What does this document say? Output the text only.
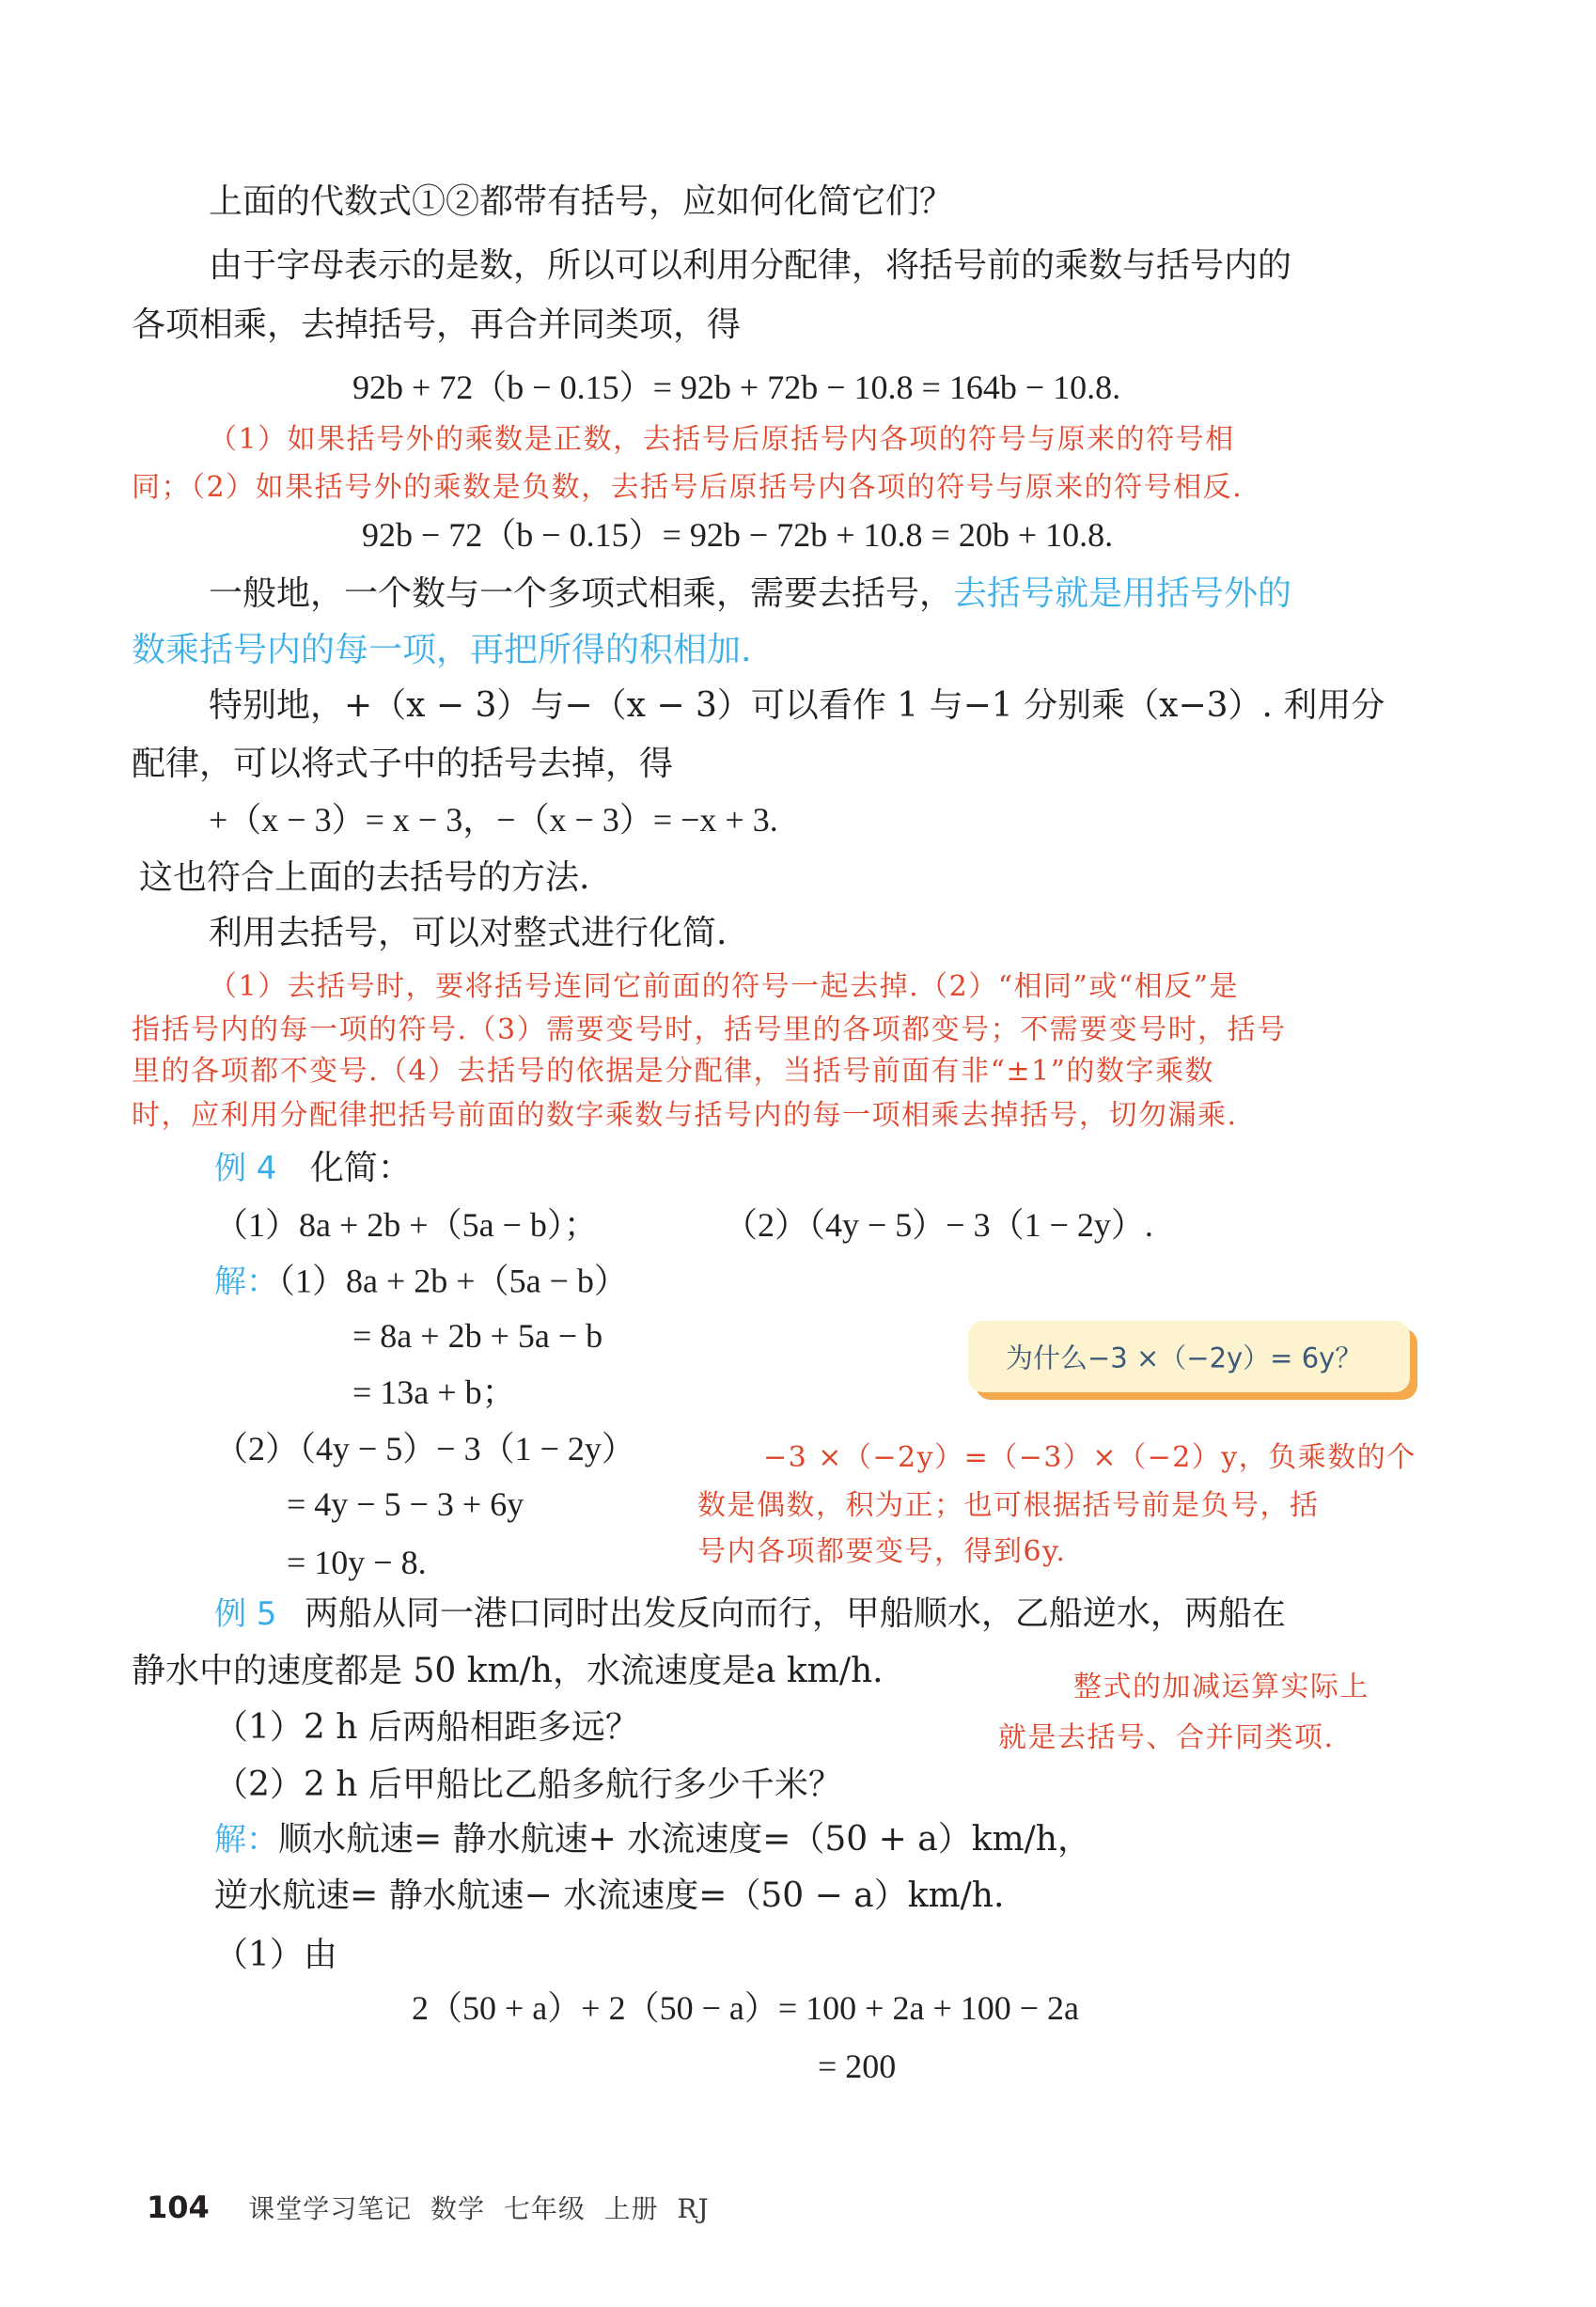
上面的代数式①②都带有括号，应如何化简它们？
由于字母表示的是数，所以可以利用分配律，将括号前的乘数与括号内的
各项相乘，去掉括号，再合并同类项，得
92b + 72（b − 0.15）= 92b + 72b − 10.8 = 164b − 10.8.
（1）如果括号外的乘数是正数，去括号后原括号内各项的符号与原来的符号相
同；（2）如果括号外的乘数是负数，去括号后原括号内各项的符号与原来的符号相反.
92b − 72（b − 0.15）= 92b − 72b + 10.8 = 20b + 10.8.
一般地，一个数与一个多项式相乘，需要去括号，去括号就是用括号外的
数乘括号内的每一项，再把所得的积相加.
特别地，+（x − 3）与−（x − 3）可以看作 1 与−1 分别乘（x−3）. 利用分
配律，可以将式子中的括号去掉，得
+（x − 3）= x − 3，−（x − 3）= −x + 3.
这也符合上面的去括号的方法.
利用去括号，可以对整式进行化简.
（1）去括号时，要将括号连同它前面的符号一起去掉.（2）“相同”或“相反”是
指括号内的每一项的符号.（3）需要变号时，括号里的各项都变号；不需要变号时，括号
里的各项都不变号.（4）去括号的依据是分配律，当括号前面有非“±1”的数字乘数
时，应利用分配律把括号前面的数字乘数与括号内的每一项相乘去掉括号，切勿漏乘.
例 4 化简：
（1）8a + 2b +（5a − b）；	（2）（4y − 5）− 3（1 − 2y）.
解：（1）8a + 2b +（5a − b）
= 8a + 2b + 5a − b
= 13a + b；
为什么−3 ×（−2y）= 6y？
（2）（4y − 5）− 3（1 − 2y）
= 4y − 5 − 3 + 6y
= 10y − 8.
−3 ×（−2y）=（−3）×（−2）y，负乘数的个
数是偶数，积为正；也可根据括号前是负号，括
号内各项都要变号，得到6y.
例 5 两船从同一港口同时出发反向而行，甲船顺水，乙船逆水，两船在
静水中的速度都是 50 km/h，水流速度是a km/h.
（1）2 h 后两船相距多远？
（2）2 h 后甲船比乙船多航行多少千米？
整式的加减运算实际上
就是去括号、合并同类项.
解：顺水航速= 静水航速+ 水流速度=（50 + a）km/h，
逆水航速= 静水航速− 水流速度=（50 − a）km/h.
（1）由
2（50 + a）+ 2（50 − a）= 100 + 2a + 100 − 2a
= 200
104 课堂学习笔记  数学  七年级  上册  RJ
